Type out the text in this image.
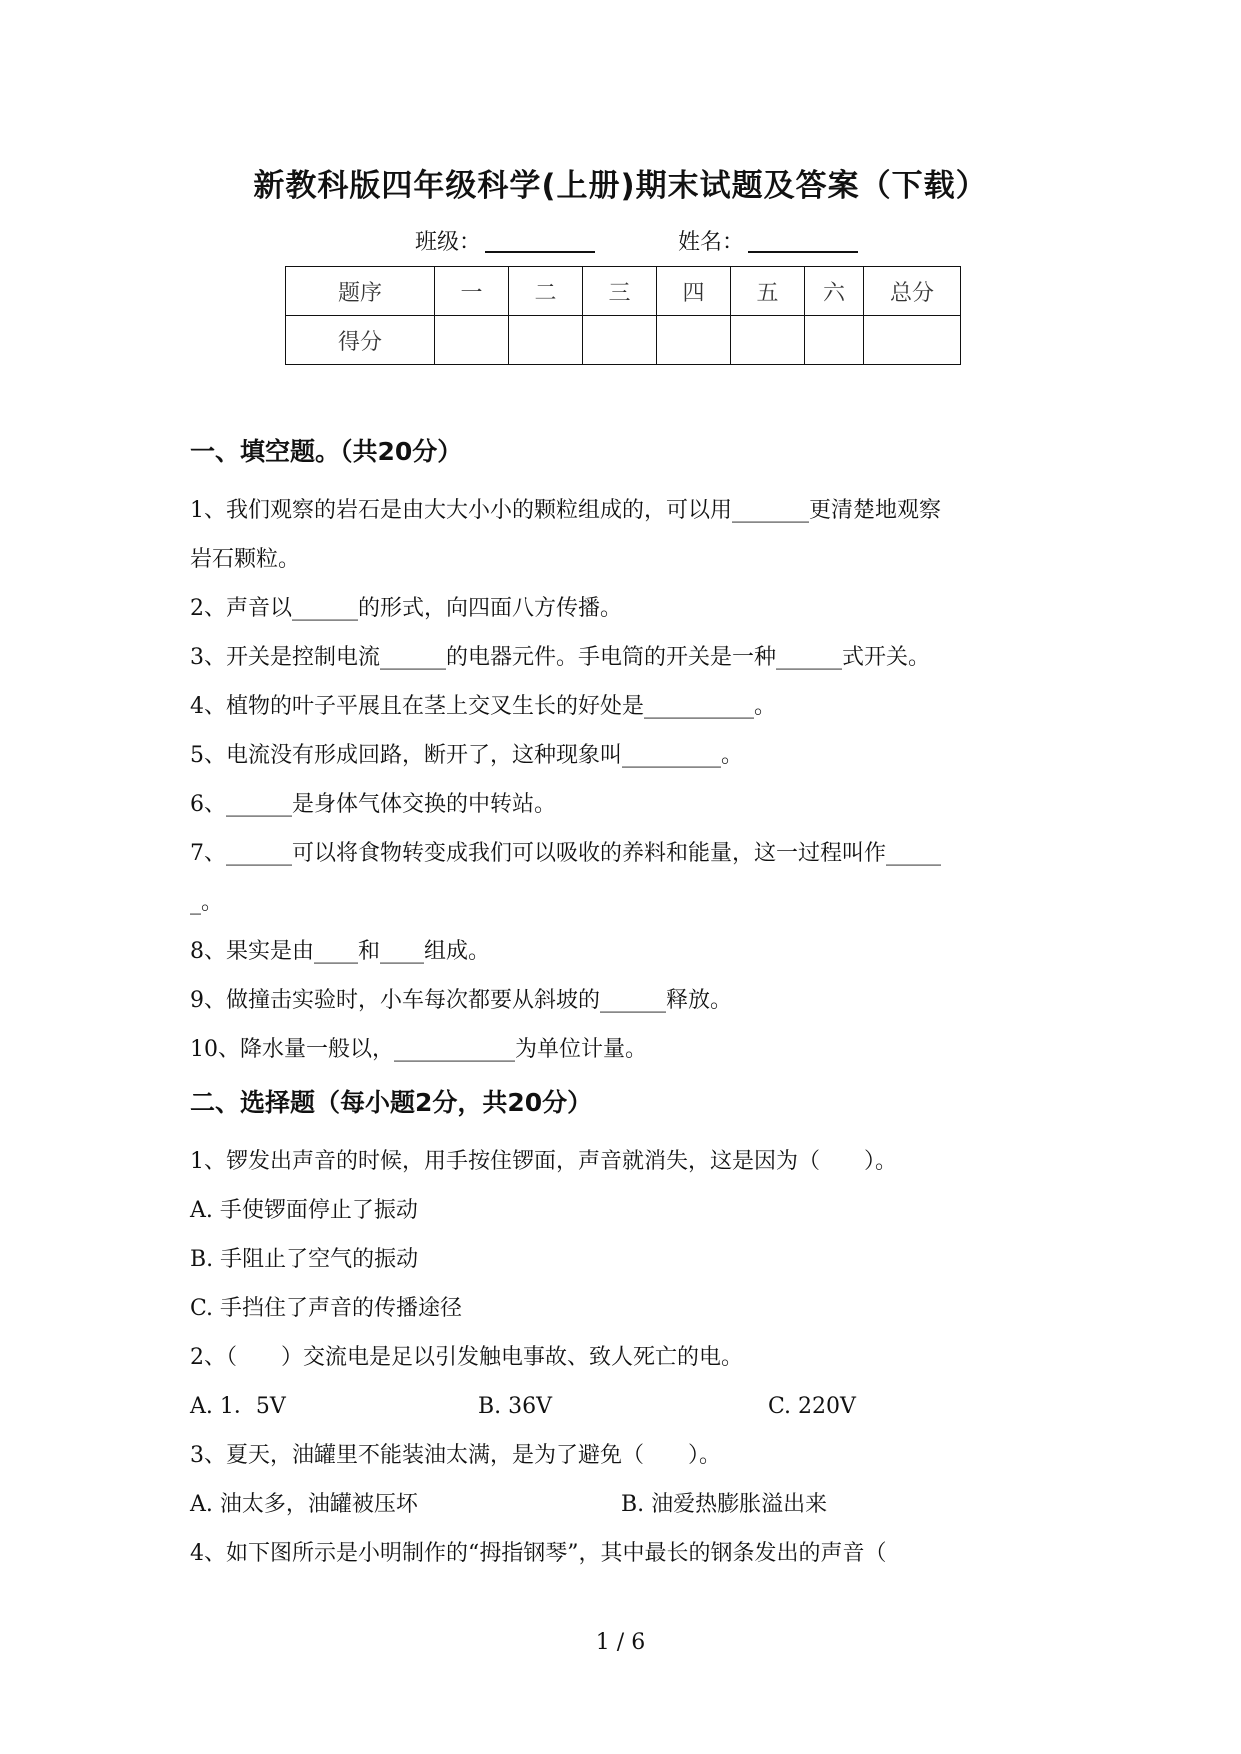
新教科版四年级科学(上册)期末试题及答案（下载）
班级：	姓名：
题序	一	二	三	四	五	六	总分
得分							
一、填空题。（共20分）
1、我们观察的岩石是由大大小小的颗粒组成的，可以用_______更清楚地观察
岩石颗粒。
2、声音以______的形式，向四面八方传播。
3、开关是控制电流______的电器元件。手电筒的开关是一种______式开关。
4、植物的叶子平展且在茎上交叉生长的好处是__________。
5、电流没有形成回路，断开了，这种现象叫_________。
6、______是身体气体交换的中转站。
7、______可以将食物转变成我们可以吸收的养料和能量，这一过程叫作_____
_。
8、果实是由____和____组成。
9、做撞击实验时，小车每次都要从斜坡的______释放。
10、降水量一般以，___________为单位计量。
二、选择题（每小题2分，共20分）
1、锣发出声音的时候，用手按住锣面，声音就消失，这是因为（　　）。
A. 手使锣面停止了振动
B. 手阻止了空气的振动
C. 手挡住了声音的传播途径
2、（　　）交流电是足以引发触电事故、致人死亡的电。
A. 1．5V	B. 36V	C. 220V
3、夏天，油罐里不能装油太满，是为了避免（　　）。
A. 油太多，油罐被压坏	B. 油爱热膨胀溢出来
4、如下图所示是小明制作的“拇指钢琴”，其中最长的钢条发出的声音（
1 / 6
